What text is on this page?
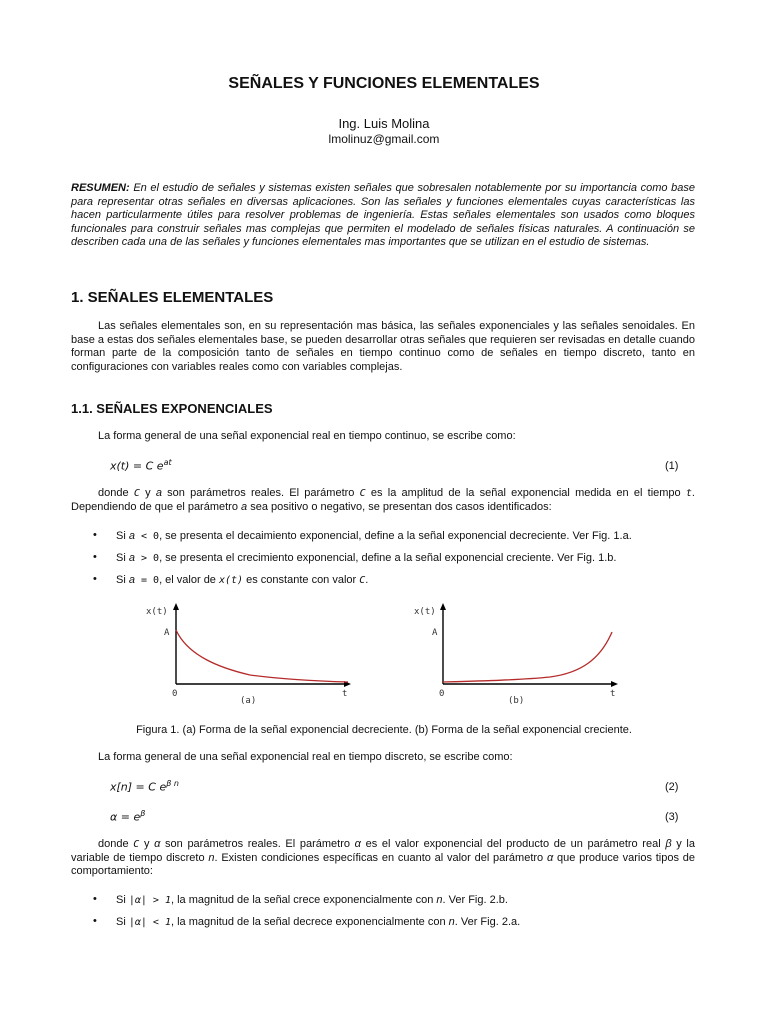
SEÑALES Y FUNCIONES ELEMENTALES
Ing. Luis Molina
lmolinuz@gmail.com
RESUMEN: En el estudio de señales y sistemas existen señales que sobresalen notablemente por su importancia como base para representar otras señales en diversas aplicaciones. Son las señales y funciones elementales cuyas características las hacen particularmente útiles para resolver problemas de ingeniería. Estas señales elementales son usados como bloques funcionales para construir señales mas complejas que permiten el modelado de señales físicas naturales. A continuación se describen cada una de las señales y funciones elementales mas importantes que se utilizan en el estudio de sistemas.
1. SEÑALES ELEMENTALES
Las señales elementales son, en su representación mas básica, las señales exponenciales y las señales senoidales. En base a estas dos señales elementales base, se pueden desarrollar otras señales que requieren ser revisadas en detalle cuando forman parte de la composición tanto de señales en tiempo continuo como de señales en tiempo discreto, tanto en configuraciones con variables reales como con variables complejas.
1.1. SEÑALES EXPONENCIALES
La forma general de una señal exponencial real en tiempo continuo, se escribe como:
x(t) = C $e^{at}$	(1)
donde C y a son parámetros reales. El parámetro C es la amplitud de la señal exponencial medida en el tiempo t. Dependiendo de que el parámetro a sea positivo o negativo, se presentan dos casos identificados:
• Si a < 0, se presenta el decaimiento exponencial, define a la señal exponencial decreciente. Ver Fig. 1.a.
• Si a > 0, se presenta el crecimiento exponencial, define a la señal exponencial creciente. Ver Fig. 1.b.
• Si a = 0, el valor de x(t) es constante con valor C.
x(t)
A
0	t
(a)
x(t)
A
0	t
(b)
Figura 1. (a) Forma de la señal exponencial decreciente. (b) Forma de la señal exponencial creciente.
La forma general de una señal exponencial real en tiempo discreto, se escribe como:
x[n] = C $e^{\beta n}$	(2)
$\alpha = e^\beta$	(3)
donde C y α son parámetros reales. El parámetro α es el valor exponencial del producto de un parámetro real β y la variable de tiempo discreto n. Existen condiciones específicas en cuanto al valor del parámetro α que produce varios tipos de comportamiento:
• Si |α| > 1, la magnitud de la señal crece exponencialmente con n. Ver Fig. 2.b.
• Si |α| < 1, la magnitud de la señal decrece exponencialmente con n. Ver Fig. 2.a.
